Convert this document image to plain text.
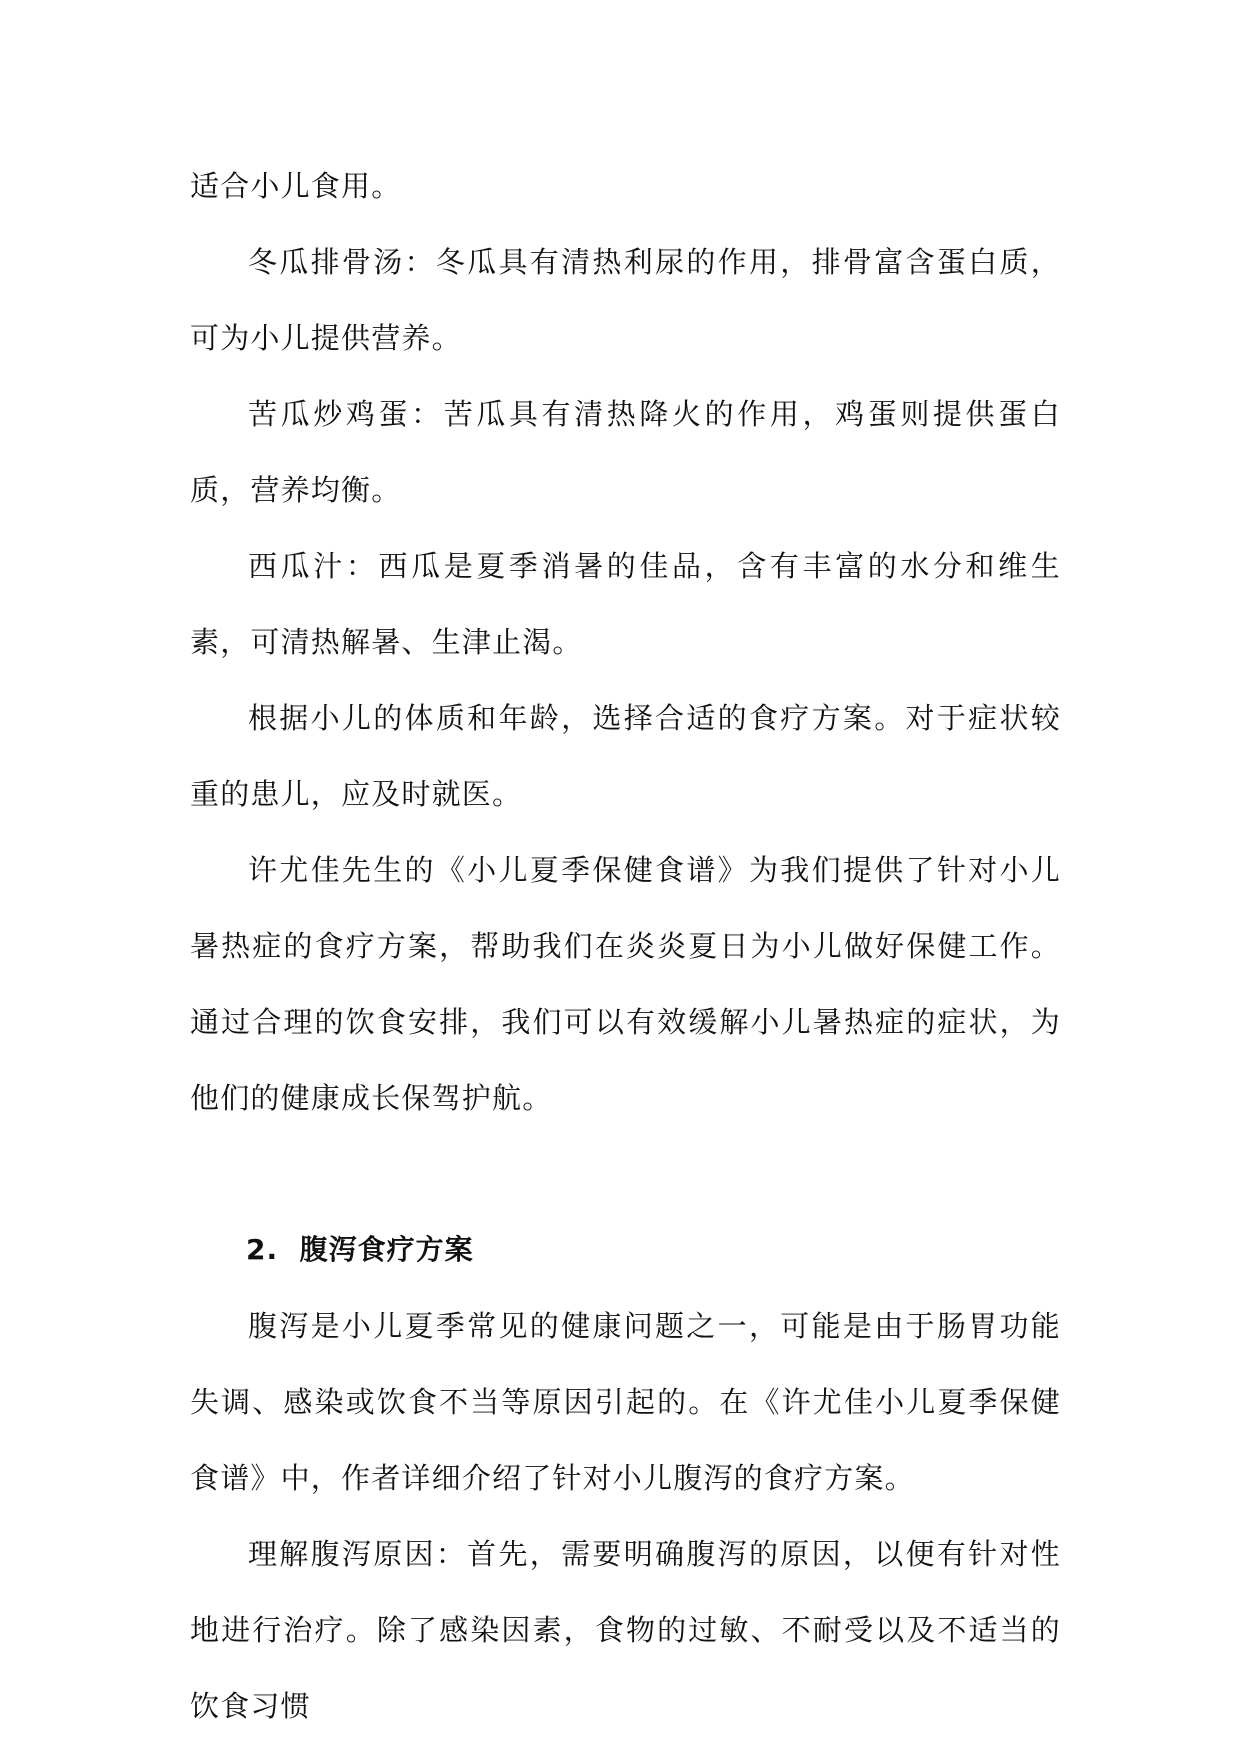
适合小儿食用。

冬瓜排骨汤：冬瓜具有清热利尿的作用，排骨富含蛋白质，可为小儿提供营养。

苦瓜炒鸡蛋：苦瓜具有清热降火的作用，鸡蛋则提供蛋白质，营养均衡。

西瓜汁：西瓜是夏季消暑的佳品，含有丰富的水分和维生素，可清热解暑、生津止渴。

根据小儿的体质和年龄，选择合适的食疗方案。对于症状较重的患儿，应及时就医。

许尤佳先生的《小儿夏季保健食谱》为我们提供了针对小儿暑热症的食疗方案，帮助我们在炎炎夏日为小儿做好保健工作。通过合理的饮食安排，我们可以有效缓解小儿暑热症的症状，为他们的健康成长保驾护航。

2. 腹泻食疗方案

腹泻是小儿夏季常见的健康问题之一，可能是由于肠胃功能失调、感染或饮食不当等原因引起的。在《许尤佳小儿夏季保健食谱》中，作者详细介绍了针对小儿腹泻的食疗方案。

理解腹泻原因：首先，需要明确腹泻的原因，以便有针对性地进行治疗。除了感染因素，食物的过敏、不耐受以及不适当的饮食习惯
